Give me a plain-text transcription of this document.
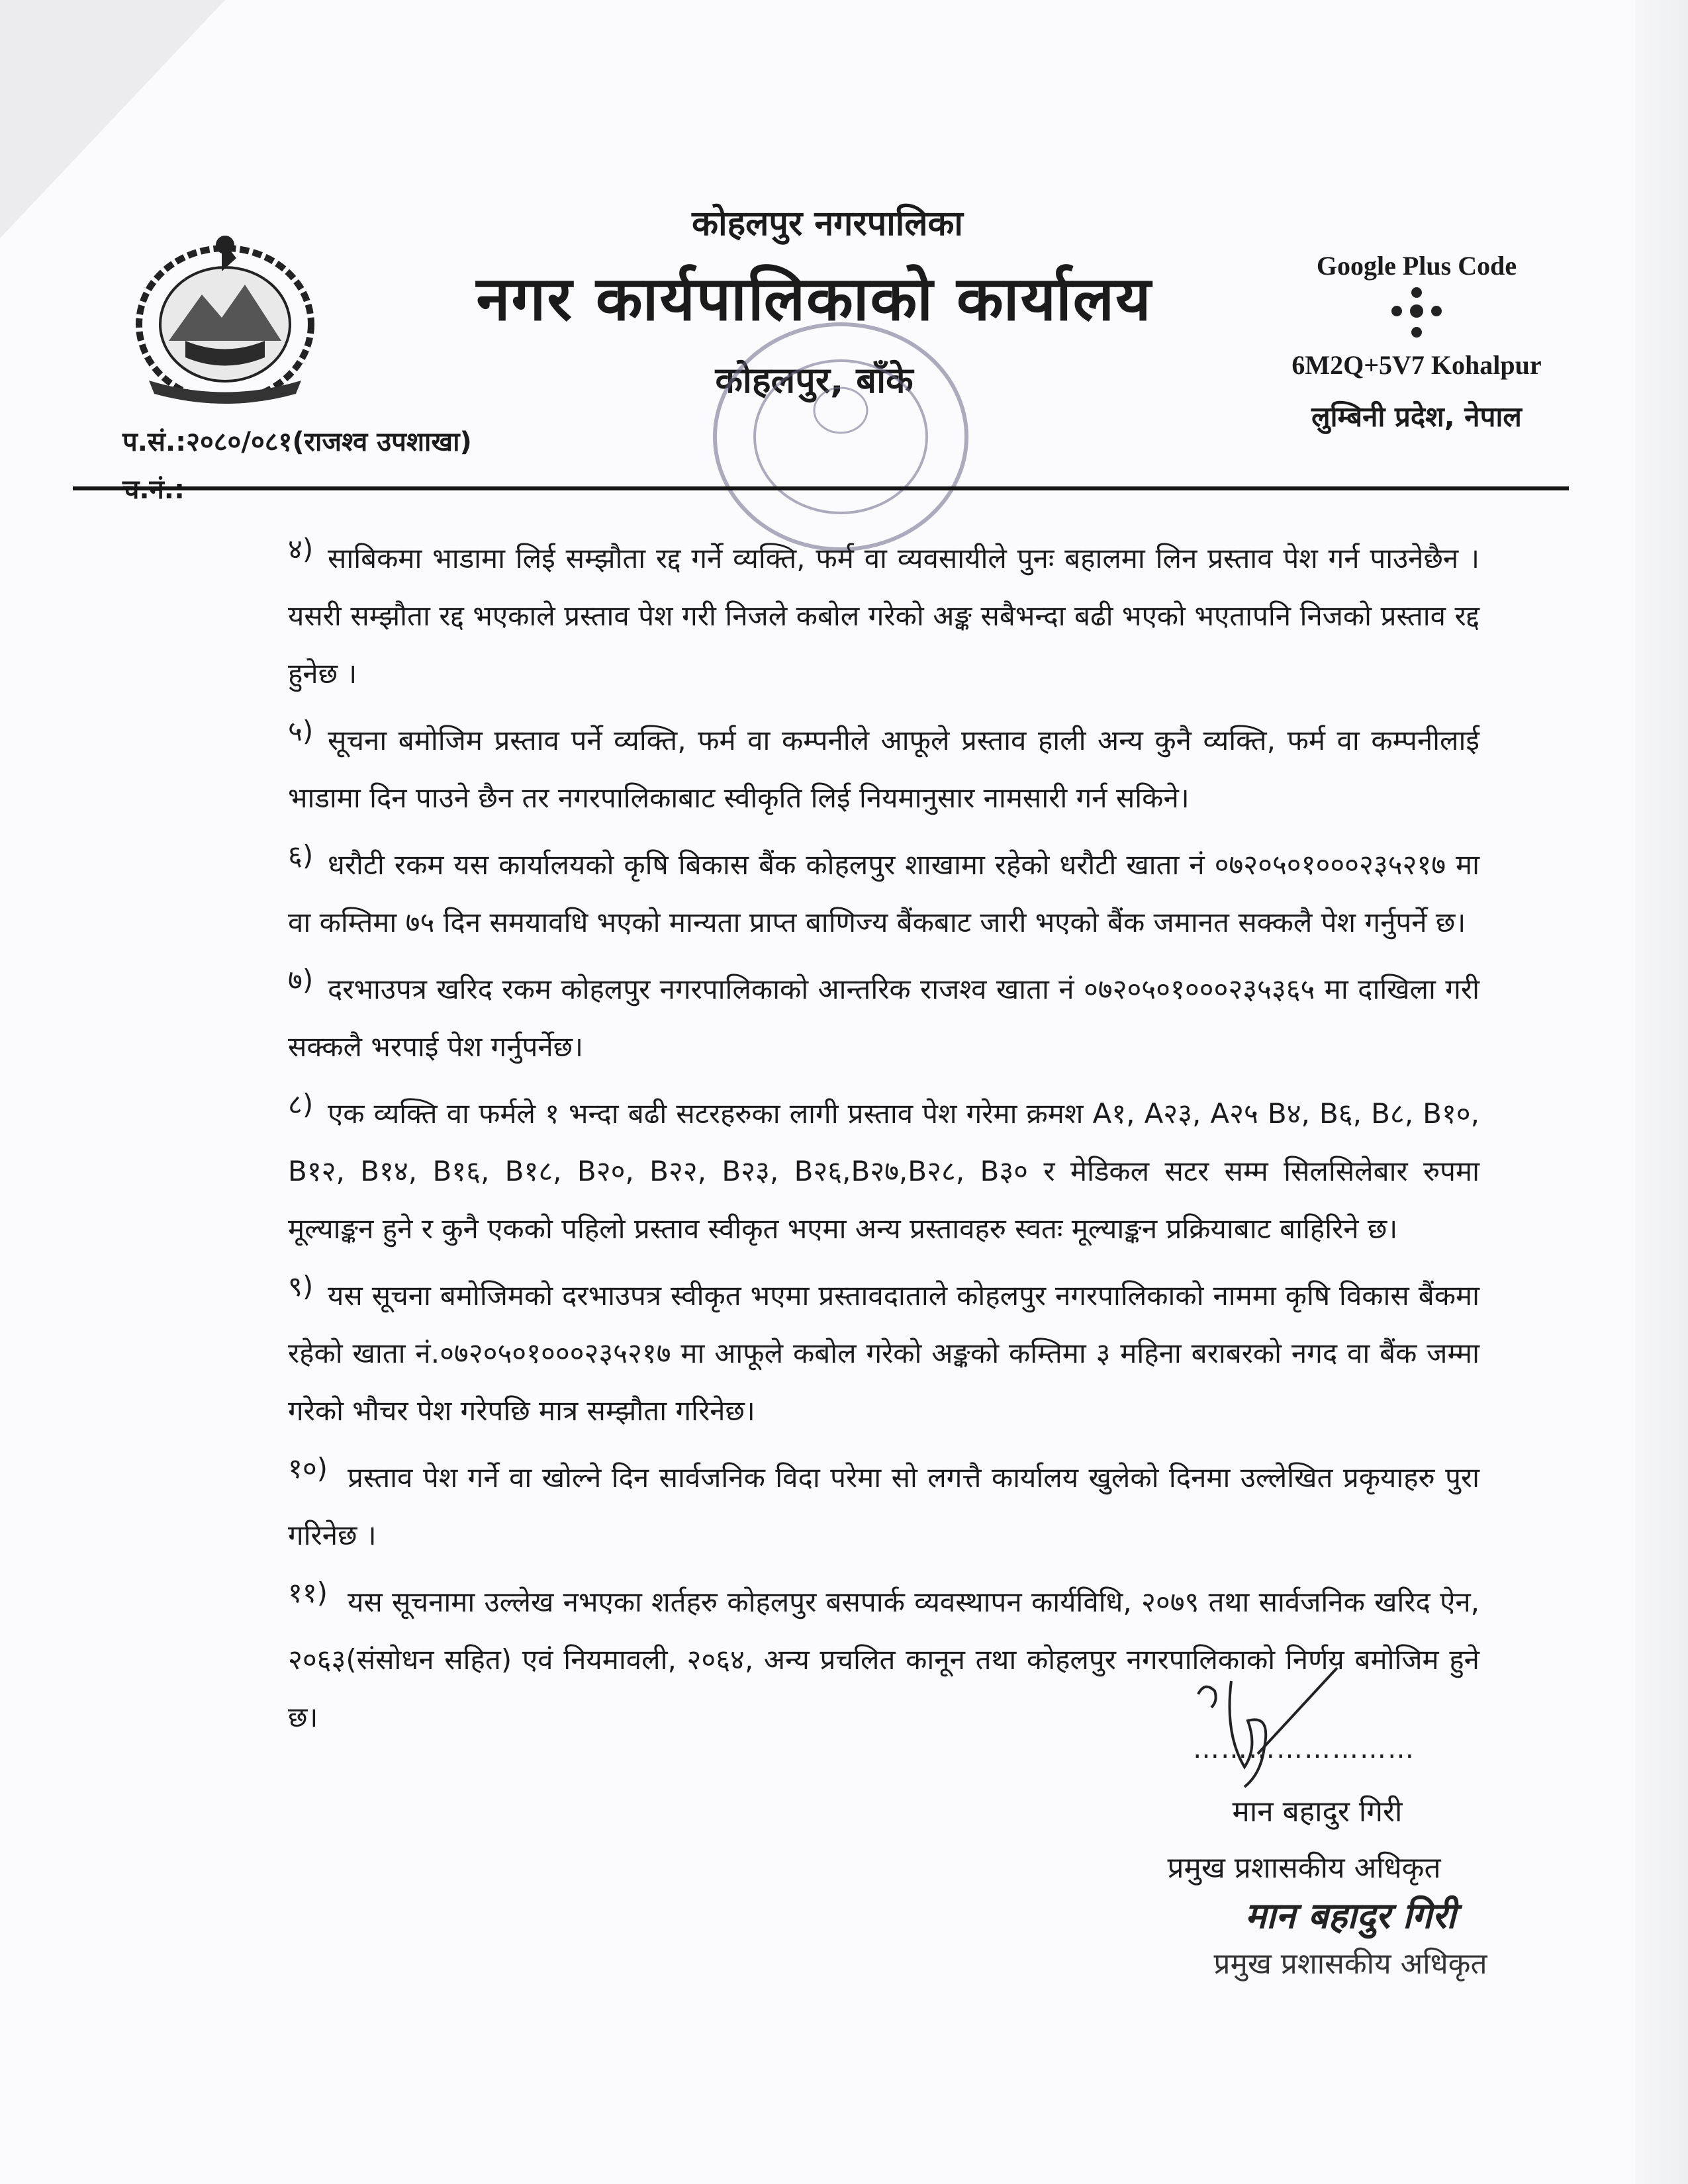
कोहलपुर नगरपालिका
नगर कार्यपालिकाको कार्यालय
कोहलपुर, बाँके
Google Plus Code
6M2Q+5V7 Kohalpur
लुम्बिनी प्रदेश, नेपाल
प.सं.:२०८०/०८१(राजश्व उपशाखा)
४) साबिकमा भाडामा लिई सम्झौता रद्द गर्ने व्यक्ति, फर्म वा व्यवसायीले पुनः बहालमा लिन प्रस्ताव पेश गर्न पाउनेछैन । यसरी सम्झौता रद्द भएकाले प्रस्ताव पेश गरी निजले कबोल गरेको अङ्क सबैभन्दा बढी भएको भएतापनि निजको प्रस्ताव रद्द हुनेछ ।
५) सूचना बमोजिम प्रस्ताव पर्ने व्यक्ति, फर्म वा कम्पनीले आफूले प्रस्ताव हाली अन्य कुनै व्यक्ति, फर्म वा कम्पनीलाई भाडामा दिन पाउने छैन तर नगरपालिकाबाट स्वीकृति लिई नियमानुसार नामसारी गर्न सकिने।
६) धरौटी रकम यस कार्यालयको कृषि बिकास बैंक कोहलपुर शाखामा रहेको धरौटी खाता नं ०७२०५०१०००२३५२१७ मा वा कम्तिमा ७५ दिन समयावधि भएको मान्यता प्राप्त बाणिज्य बैंकबाट जारी भएको बैंक जमानत सक्कलै पेश गर्नुपर्ने छ।
७) दरभाउपत्र खरिद रकम कोहलपुर नगरपालिकाको आन्तरिक राजश्व खाता नं ०७२०५०१०००२३५३६५ मा दाखिला गरी सक्कलै भरपाई पेश गर्नुपर्नेछ।
८) एक व्यक्ति वा फर्मले १ भन्दा बढी सटरहरुका लागी प्रस्ताव पेश गरेमा क्रमश A१, A२३, A२५ B४, B६, B८, B१०, B१२, B१४, B१६, B१८, B२०, B२२, B२३, B२६,B२७,B२८, B३० र मेडिकल सटर सम्म सिलसिलेबार रुपमा मूल्याङ्कन हुने र कुनै एकको पहिलो प्रस्ताव स्वीकृत भएमा अन्य प्रस्तावहरु स्वतः मूल्याङ्कन प्रक्रियाबाट बाहिरिने छ।
९) यस सूचना बमोजिमको दरभाउपत्र स्वीकृत भएमा प्रस्तावदाताले कोहलपुर नगरपालिकाको नाममा कृषि विकास बैंकमा रहेको खाता नं.०७२०५०१०००२३५२१७ मा आफूले कबोल गरेको अङ्कको कम्तिमा ३ महिना बराबरको नगद वा बैंक जम्मा गरेको भौचर पेश गरेपछि मात्र सम्झौता गरिनेछ।
१०) प्रस्ताव पेश गर्ने वा खोल्ने दिन सार्वजनिक विदा परेमा सो लगत्तै कार्यालय खुलेको दिनमा उल्लेखित प्रकृयाहरु पुरा गरिनेछ ।
११) यस सूचनामा उल्लेख नभएका शर्तहरु कोहलपुर बसपार्क व्यवस्थापन कार्यविधि, २०७९ तथा सार्वजनिक खरिद ऐन, २०६३(संसोधन सहित) एवं नियमावली, २०६४, अन्य प्रचलित कानून तथा कोहलपुर नगरपालिकाको निर्णय बमोजिम हुने छ।
……………………
मान बहादुर गिरी
प्रमुख प्रशासकीय अधिकृत
मान बहादुर गिरी
प्रमुख प्रशासकीय अधिकृत
